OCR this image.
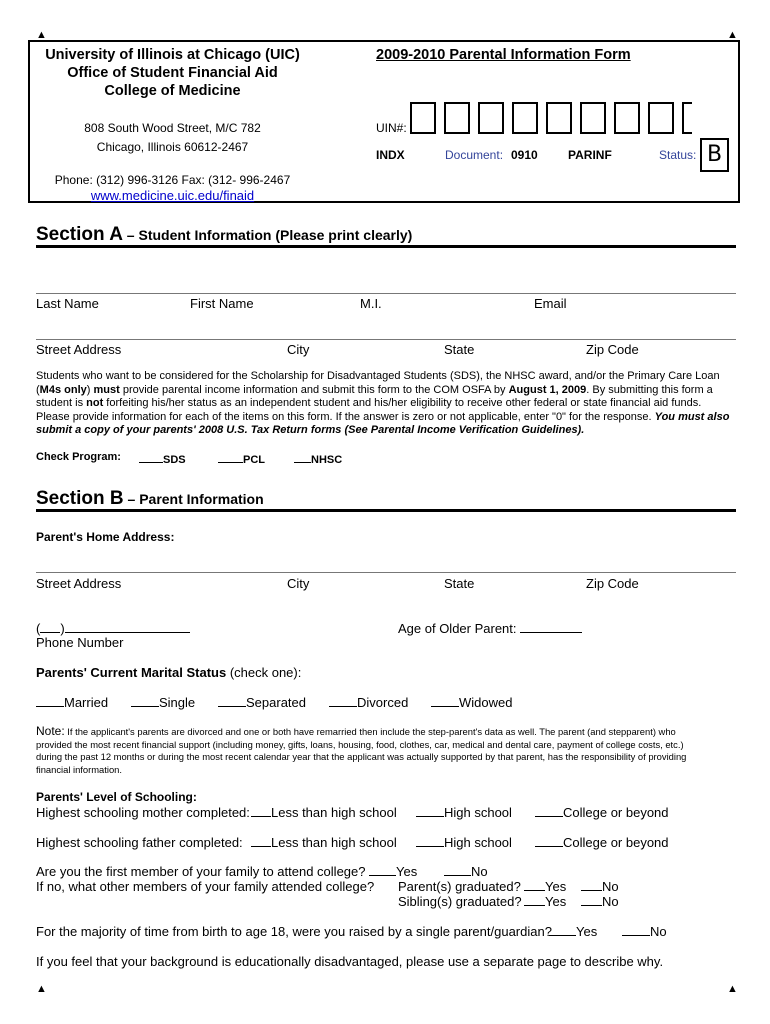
▲	▲
▲	▲
University of Illinois at Chicago (UIC)
Office of Student Financial Aid
College of Medicine
808 South Wood Street, M/C 782
Chicago, Illinois 60612-2467
Phone: (312) 996-3126 Fax: (312- 996-2467
www.medicine.uic.edu/finaid
2009-2010 Parental Information Form
UIN#:
INDX	Document: 0910	PARINF	Status: B
Section A – Student Information (Please print clearly)
Last Name	First Name	M.I.	Email
Street Address	City	State	Zip Code
Students who want to be considered for the Scholarship for Disadvantaged Students (SDS), the NHSC award, and/or the Primary Care Loan
(M4s only) must provide parental income information and submit this form to the COM OSFA by August 1, 2009. By submitting this form a
student is not forfeiting his/her status as an independent student and his/her eligibility to receive other federal or state financial aid funds.
Please provide information for each of the items on this form. If the answer is zero or not applicable, enter "0" for the response. You must also
submit a copy of your parents' 2008 U.S. Tax Return forms (See Parental Income Verification Guidelines).
Check Program:	SDS	PCL	NHSC
Section B – Parent Information
Parent's Home Address:
Street Address	City	State	Zip Code
( )
Phone Number
Age of Older Parent:
Parents' Current Marital Status (check one):
Married	Single	Separated	Divorced	Widowed
Note: If the applicant's parents are divorced and one or both have remarried then include the step-parent's data as well. The parent (and stepparent) who
provided the most recent financial support (including money, gifts, loans, housing, food, clothes, car, medical and dental care, payment of college costs, etc.)
during the past 12 months or during the most recent calendar year that the applicant was actually supported by that parent, has the responsibility of providing
financial information.
Parents' Level of Schooling:
Highest schooling mother completed:	Less than high school	High school	College or beyond
Highest schooling father completed:	Less than high school	High school	College or beyond
Are you the first member of your family to attend college?	Yes	No
If no, what other members of your family attended college? Parent(s) graduated?	Yes	No
Sibling(s) graduated?	Yes	No
For the majority of time from birth to age 18, were you raised by a single parent/guardian?	Yes	No
If you feel that your background is educationally disadvantaged, please use a separate page to describe why.
